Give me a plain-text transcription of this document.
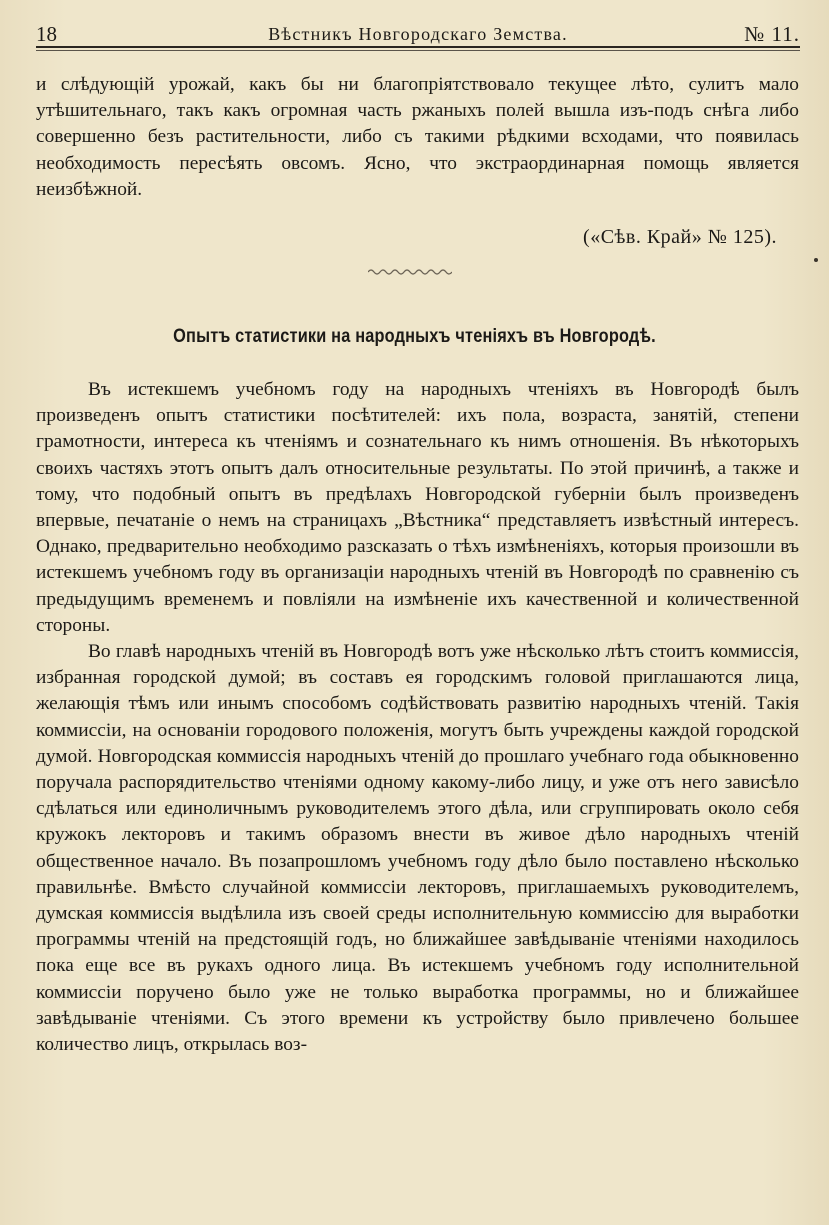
18	Вѣстникъ Новгородскаго Земства.	№ 11.

и слѣдующій урожай, какъ бы ни благопріятствовало текущее лѣто, сулитъ мало утѣшительнаго, такъ какъ огромная часть ржаныхъ полей вышла изъ-подъ снѣга либо совершенно безъ растительности, либо съ такими рѣдкими всходами, что появилась необходимость пересѣять овсомъ. Ясно, что экстраординарная помощь является неизбѣжной.

(«Сѣв. Край» № 125).
Опытъ статистики на народныхъ чтеніяхъ въ Новгородѣ.

Въ истекшемъ учебномъ году на народныхъ чтеніяхъ въ Новгородѣ былъ произведенъ опытъ статистики посѣтителей: ихъ пола, возраста, занятій, степени грамотности, интереса къ чтеніямъ и сознательнаго къ нимъ отношенія. Въ нѣкоторыхъ своихъ частяхъ этотъ опытъ далъ относительные результаты. По этой причинѣ, а также и тому, что подобный опытъ въ предѣлахъ Новгородской губерніи былъ произведенъ впервые, печатаніе о немъ на страницахъ „Вѣстника“ представляетъ извѣстный интересъ. Однако, предварительно необходимо разсказать о тѣхъ измѣненіяхъ, которыя произошли въ истекшемъ учебномъ году въ организаціи народныхъ чтеній въ Новгородѣ по сравненію съ предыдущимъ временемъ и повліяли на измѣненіе ихъ качественной и количественной стороны.

Во главѣ народныхъ чтеній въ Новгородѣ вотъ уже нѣсколько лѣтъ стоитъ коммиссія, избранная городской думой; въ составъ ея городскимъ головой приглашаются лица, желающія тѣмъ или инымъ способомъ содѣйствовать развитію народныхъ чтеній. Такія коммиссіи, на основаніи городового положенія, могутъ быть учреждены каждой городской думой. Новгородская коммиссія народныхъ чтеній до прошлаго учебнаго года обыкновенно поручала распорядительство чтеніями одному какому-либо лицу, и уже отъ него зависѣло сдѣлаться или единоличнымъ руководителемъ этого дѣла, или сгруппировать около себя кружокъ лекторовъ и такимъ образомъ внести въ живое дѣло народныхъ чтеній общественное начало. Въ позапрошломъ учебномъ году дѣло было поставлено нѣсколько правильнѣе. Вмѣсто случайной коммиссіи лекторовъ, приглашаемыхъ руководителемъ, думская коммиссія выдѣлила изъ своей среды исполнительную коммиссію для выработки программы чтеній на предстоящій годъ, но ближайшее завѣдываніе чтеніями находилось пока еще все въ рукахъ одного лица. Въ истекшемъ учебномъ году исполнительной коммиссіи поручено было уже не только выработка программы, но и ближайшее завѣдываніе чтеніями. Съ этого времени къ устройству было привлечено большее количество лицъ, открылась воз-
